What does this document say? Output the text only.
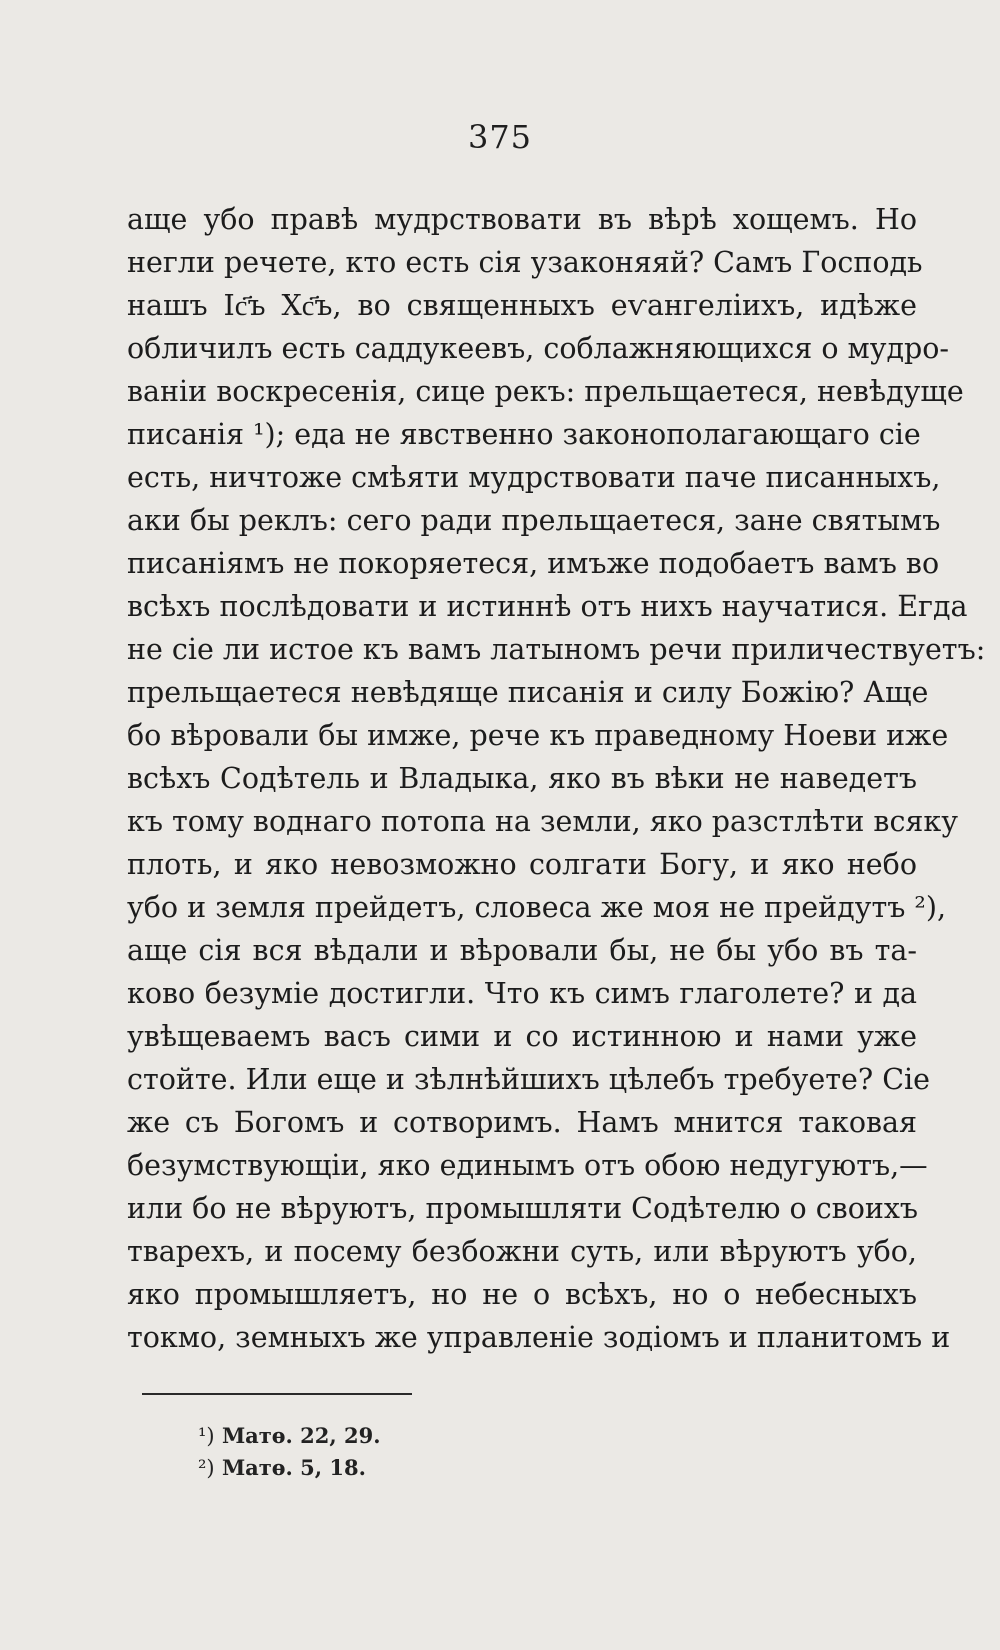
375
аще убо правѣ мудрствовати въ вѣрѣ хощемъ. Но
негли речете, кто есть сія узаконяяй? Самъ Господь
нашъ Іс҃ъ Хс҃ъ, во священныхъ еѵангеліихъ, идѣже
обличилъ есть саддукеевъ, соблажняющихся о мудро-
ваніи воскресенія, сице рекъ: прельщаетеся, невѣдуще
писанія ¹); еда не явственно законополагающаго сіе
есть, ничтоже смѣяти мудрствовати паче писанныхъ,
аки бы реклъ: сего ради прельщаетеся, зане святымъ
писаніямъ не покоряетеся, имъже подобаетъ вамъ во
всѣхъ послѣдовати и истиннѣ отъ нихъ научатися. Егда
не сіе ли истое къ вамъ латыномъ речи приличествуетъ:
прельщаетеся невѣдяще писанія и силу Божію? Аще
бо вѣровали бы имже, рече къ праведному Ноеви иже
всѣхъ Содѣтель и Владыка, яко въ вѣки не наведетъ
къ тому воднаго потопа на земли, яко разстлѣти всяку
плоть, и яко невозможно солгати Богу, и яко небо
убо и земля прейдетъ, словеса же моя не прейдутъ ²),
аще сія вся вѣдали и вѣровали бы, не бы убо въ та-
ково безуміе достигли. Что къ симъ глаголете? и да
увѣщеваемъ васъ сими и со истинною и нами уже
стойте. Или еще и зѣлнѣйшихъ цѣлебъ требуете? Сіе
же съ Богомъ и сотворимъ. Намъ мнится таковая
безумствующіи, яко единымъ отъ обою недугуютъ,—
или бо не вѣруютъ, промышляти Содѣтелю о своихъ
тварехъ, и посему безбожни суть, или вѣруютъ убо,
яко промышляетъ, но не о всѣхъ, но о небесныхъ
токмо, земныхъ же управленіе зодіомъ и планитомъ и
¹) Матѳ. 22, 29.
²) Матѳ. 5, 18.
